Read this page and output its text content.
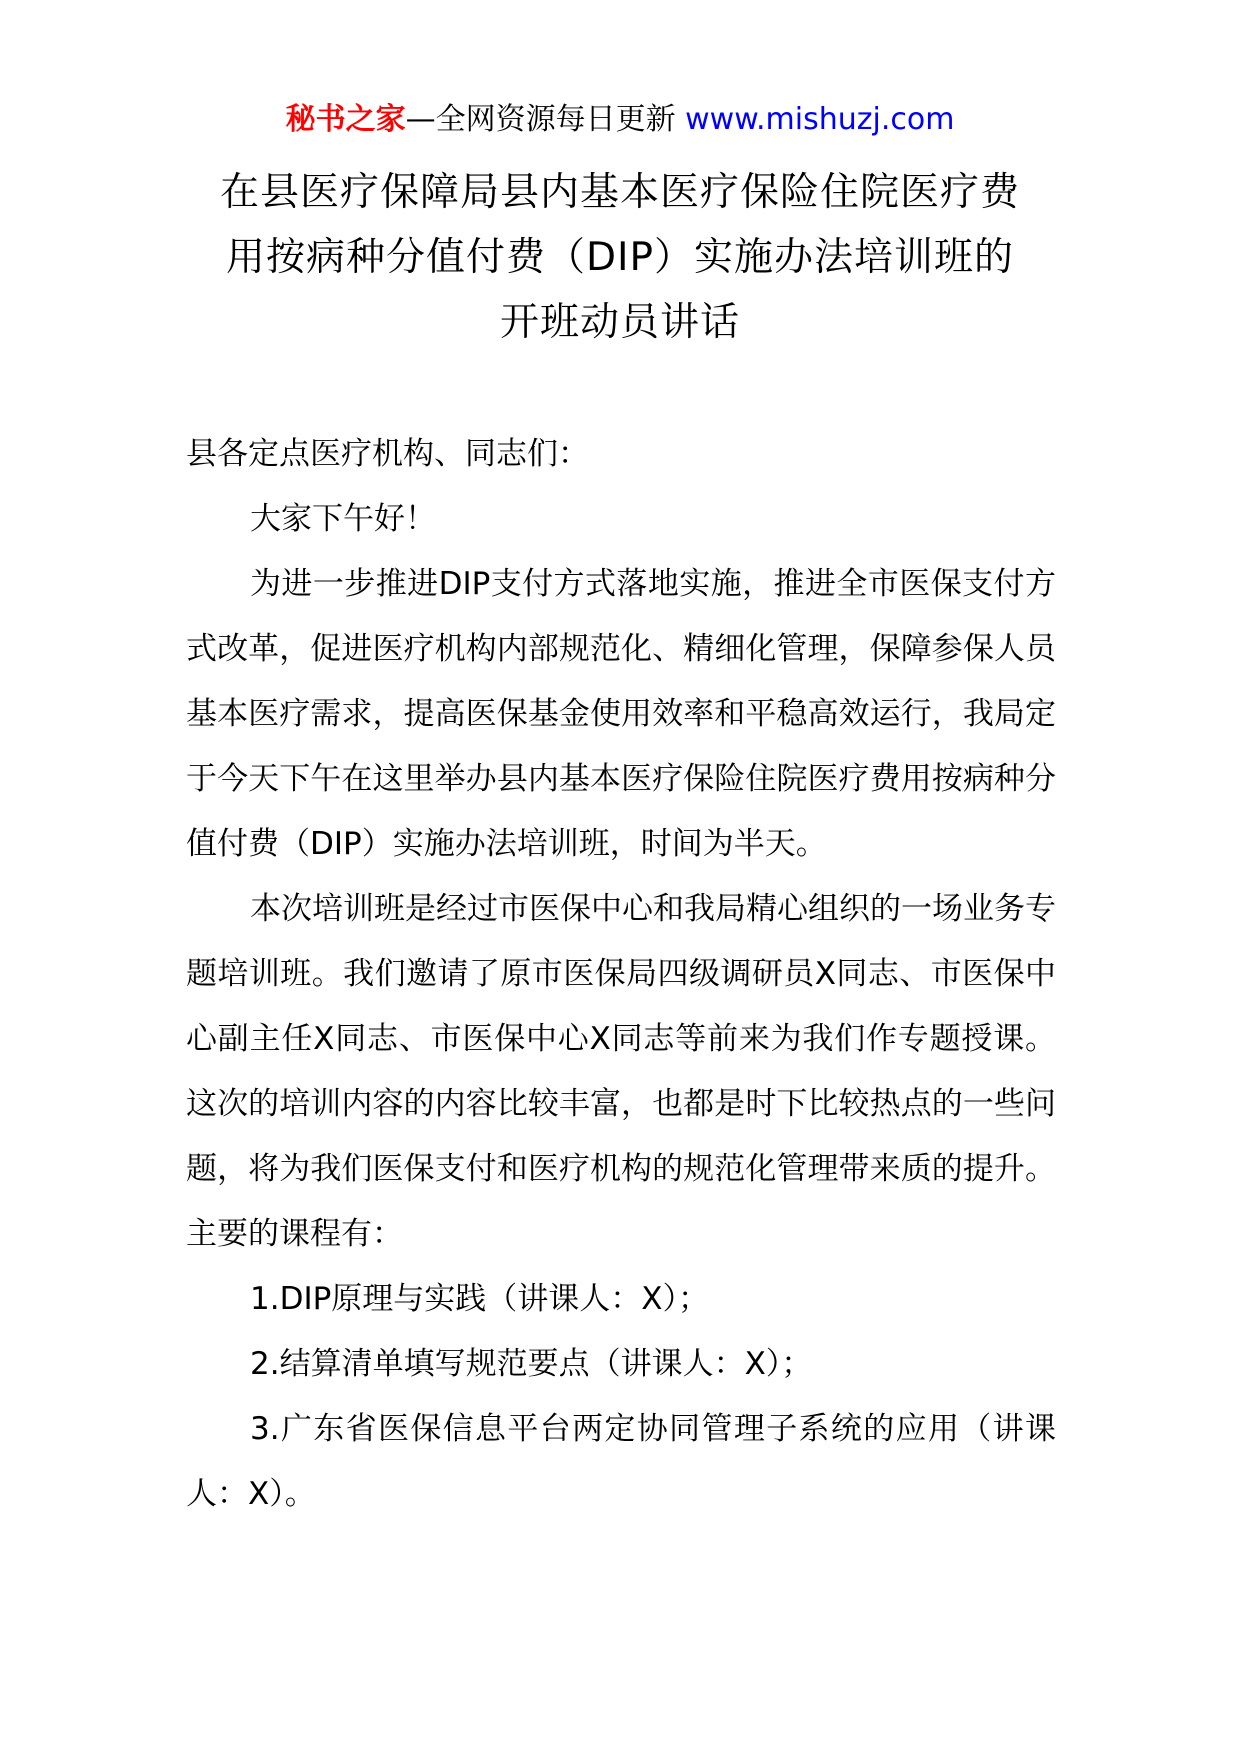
秘书之家—全网资源每日更新 www.mishuzj.com
在县医疗保障局县内基本医疗保险住院医疗费
用按病种分值付费（DIP）实施办法培训班的
开班动员讲话

县各定点医疗机构、同志们：

大家下午好！

为进一步推进DIP支付方式落地实施，推进全市医保支付方式改革，促进医疗机构内部规范化、精细化管理，保障参保人员基本医疗需求，提高医保基金使用效率和平稳高效运行，我局定于今天下午在这里举办县内基本医疗保险住院医疗费用按病种分值付费（DIP）实施办法培训班，时间为半天。

本次培训班是经过市医保中心和我局精心组织的一场业务专题培训班。我们邀请了原市医保局四级调研员X同志、市医保中心副主任X同志、市医保中心X同志等前来为我们作专题授课。这次的培训内容的内容比较丰富，也都是时下比较热点的一些问题，将为我们医保支付和医疗机构的规范化管理带来质的提升。主要的课程有：

1.DIP原理与实践（讲课人：X）；

2.结算清单填写规范要点（讲课人：X）；

3.广东省医保信息平台两定协同管理子系统的应用（讲课人：X）。
